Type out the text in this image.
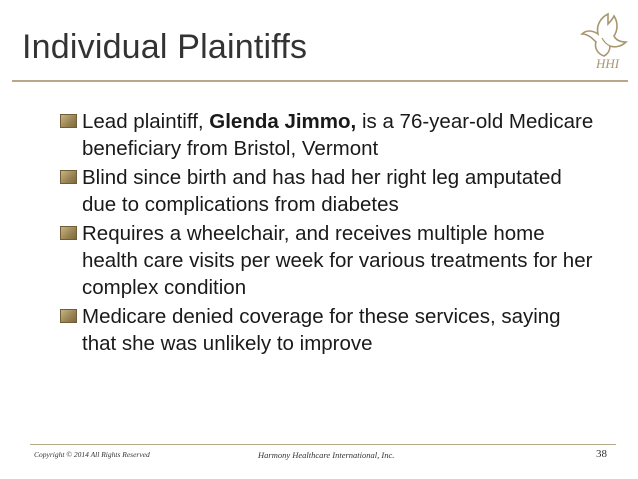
Individual Plaintiffs	HHI
Lead plaintiff, Glenda Jimmo, is a 76-year-old Medicare beneficiary from Bristol, Vermont
Blind since birth and has had her right leg amputated due to complications from diabetes
Requires a wheelchair, and receives multiple home health care visits per week for various treatments for her complex condition
Medicare denied coverage for these services, saying that she was unlikely to improve
Copyright © 2014 All Rights Reserved	Harmony Healthcare International, Inc.	38
